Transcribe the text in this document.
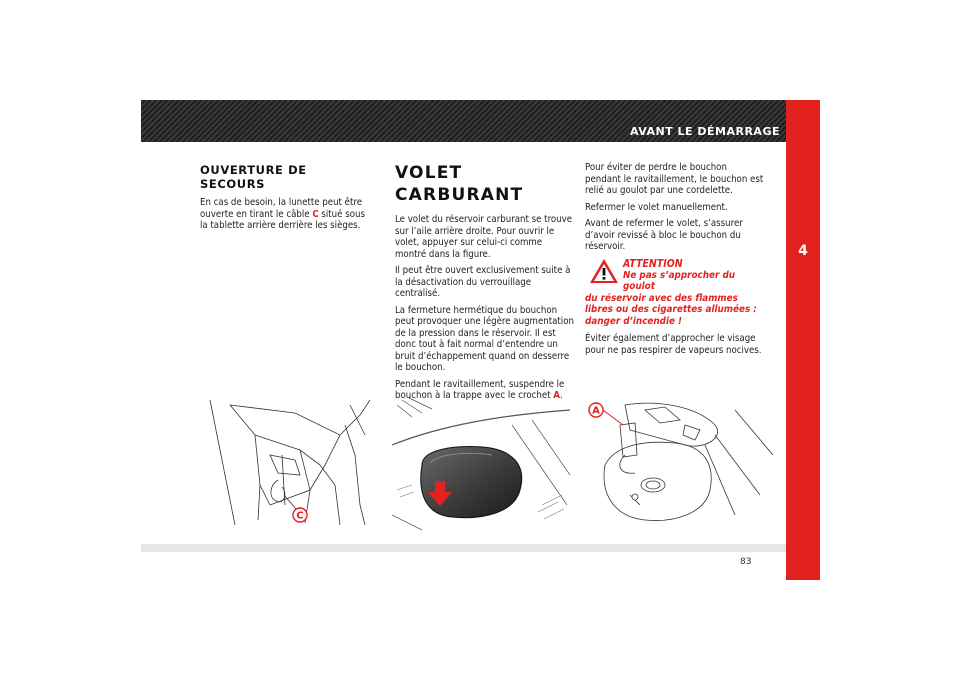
AVANT LE DÉMARRAGE
4
OUVERTURE DE SECOURS

En cas de besoin, la lunette peut être ouverte en tirant le câble C situé sous la tablette arrière derrière les sièges.

VOLET
CARBURANT

Le volet du réservoir carburant se trouve sur l’aile arrière droite. Pour ouvrir le volet, appuyer sur celui-ci comme montré dans la figure.

Il peut être ouvert exclusivement suite à la désactivation du verrouillage centralisé.

La fermeture hermétique du bouchon peut provoquer une légère augmentation de la pression dans le réservoir. Il est donc tout à fait normal d’entendre un bruit d’échappement quand on desserre le bouchon.

Pendant le ravitaillement, suspendre le bouchon à la trappe avec le crochet A.

Pour éviter de perdre le bouchon pendant le ravitaillement, le bouchon est relié au goulot par une cordelette.

Refermer le volet manuellement.

Avant de refermer le volet, s’assurer d’avoir revissé à bloc le bouchon du réservoir.

ATTENTION
Ne pas s’approcher du goulot
du réservoir avec des flammes libres ou des cigarettes allumées : danger d’incendie !

Éviter également d’approcher le visage pour ne pas respirer de vapeurs nocives.

C
A
83
